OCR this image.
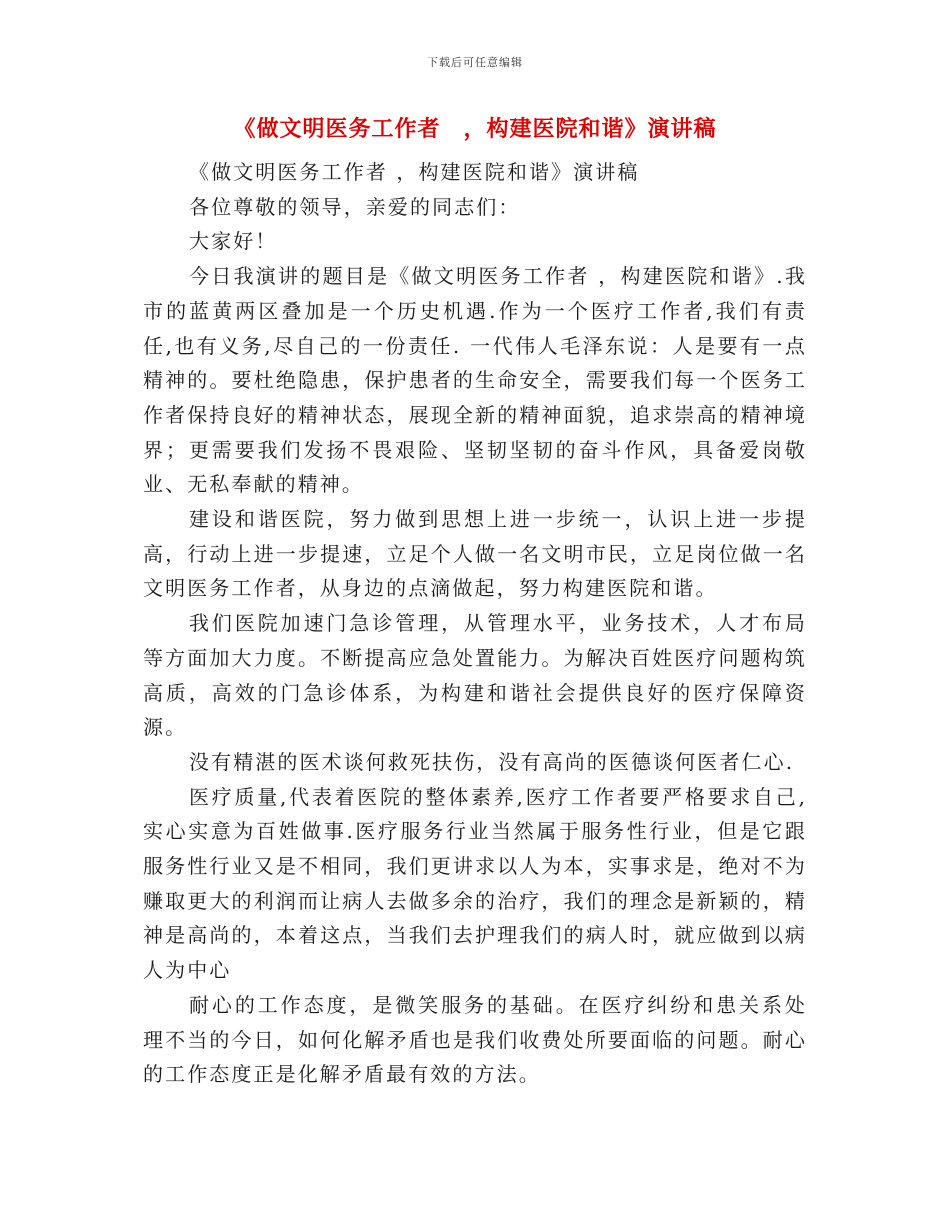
下载后可任意编辑
《做文明医务工作者　，构建医院和谐》演讲稿

《做文明医务工作者 ，构建医院和谐》演讲稿

各位尊敬的领导，亲爱的同志们：

大家好！

今日我演讲的题目是《做文明医务工作者 ，构建医院和谐》.我市的蓝黄两区叠加是一个历史机遇.作为一个医疗工作者,我们有责任,也有义务,尽自己的一份责任. 一代伟人毛泽东说：人是要有一点精神的。要杜绝隐患，保护患者的生命安全，需要我们每一个医务工作者保持良好的精神状态，展现全新的精神面貌，追求崇高的精神境界；更需要我们发扬不畏艰险、坚韧坚韧的奋斗作风，具备爱岗敬业、无私奉献的精神。

建设和谐医院，努力做到思想上进一步统一，认识上进一步提高，行动上进一步提速，立足个人做一名文明市民，立足岗位做一名文明医务工作者，从身边的点滴做起，努力构建医院和谐。

我们医院加速门急诊管理，从管理水平，业务技术，人才布局等方面加大力度。不断提高应急处置能力。为解决百姓医疗问题构筑高质，高效的门急诊体系，为构建和谐社会提供良好的医疗保障资源。

没有精湛的医术谈何救死扶伤，没有高尚的医德谈何医者仁心.

医疗质量,代表着医院的整体素养,医疗工作者要严格要求自己,实心实意为百姓做事.医疗服务行业当然属于服务性行业，但是它跟服务性行业又是不相同，我们更讲求以人为本，实事求是，绝对不为赚取更大的利润而让病人去做多余的治疗，我们的理念是新颖的，精神是高尚的，本着这点，当我们去护理我们的病人时，就应做到以病人为中心

耐心的工作态度，是微笑服务的基础。在医疗纠纷和患关系处理不当的今日，如何化解矛盾也是我们收费处所要面临的问题。耐心的工作态度正是化解矛盾最有效的方法。
